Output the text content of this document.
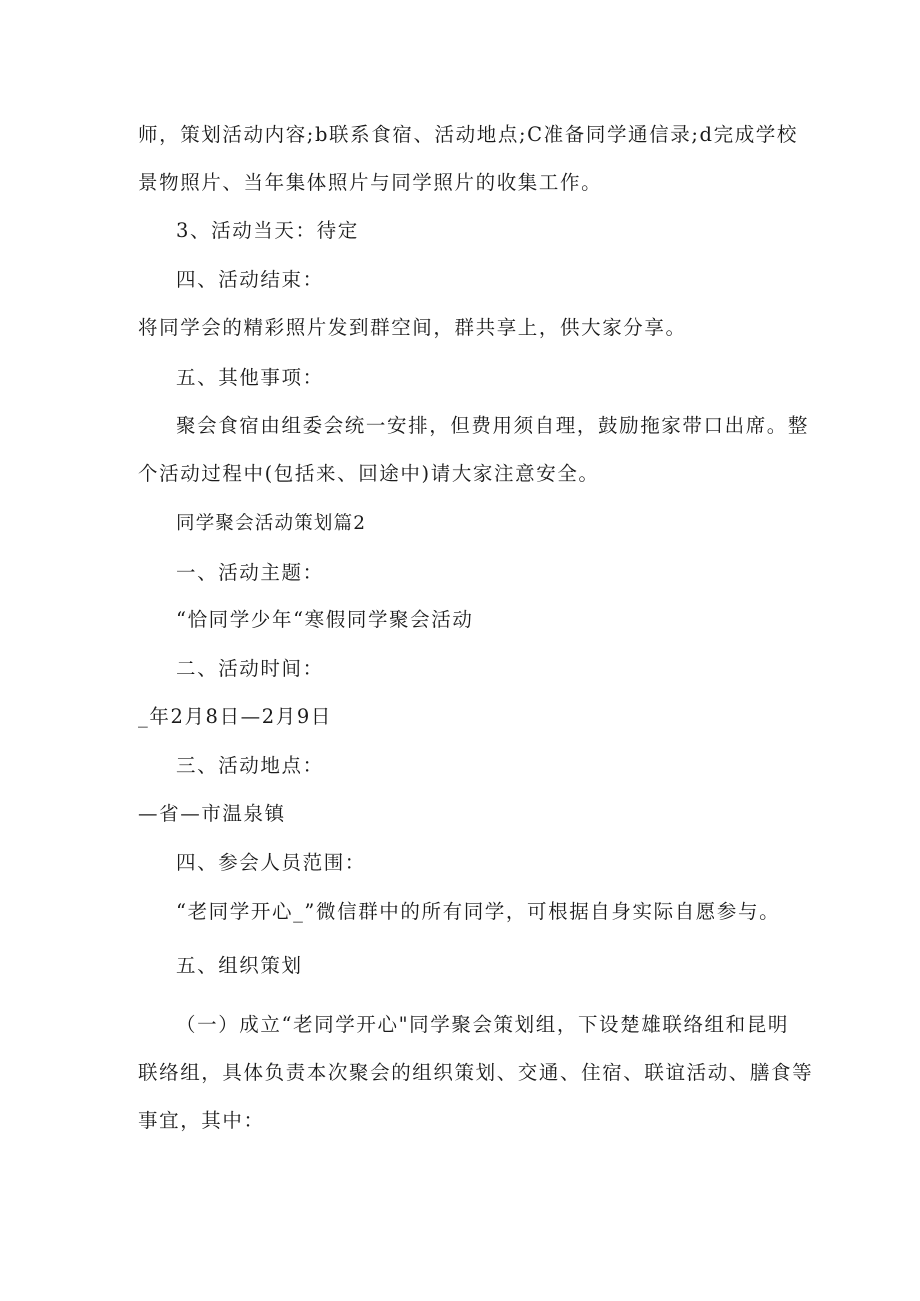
师，策划活动内容;b联系食宿、活动地点;C准备同学通信录;d完成学校
景物照片、当年集体照片与同学照片的收集工作。
3、活动当天：待定
四、活动结束：
将同学会的精彩照片发到群空间，群共享上，供大家分享。
五、其他事项：
聚会食宿由组委会统一安排，但费用须自理，鼓励拖家带口出席。整
个活动过程中(包括来、回途中)请大家注意安全。
同学聚会活动策划篇2
一、活动主题：
“恰同学少年“寒假同学聚会活动
二、活动时间：
_年2月8日—2月9日
三、活动地点：
—省—市温泉镇
四、参会人员范围：
“老同学开心_”微信群中的所有同学，可根据自身实际自愿参与。
五、组织策划
（一）成立“老同学开心"同学聚会策划组，下设楚雄联络组和昆明
联络组，具体负责本次聚会的组织策划、交通、住宿、联谊活动、膳食等
事宜，其中：
